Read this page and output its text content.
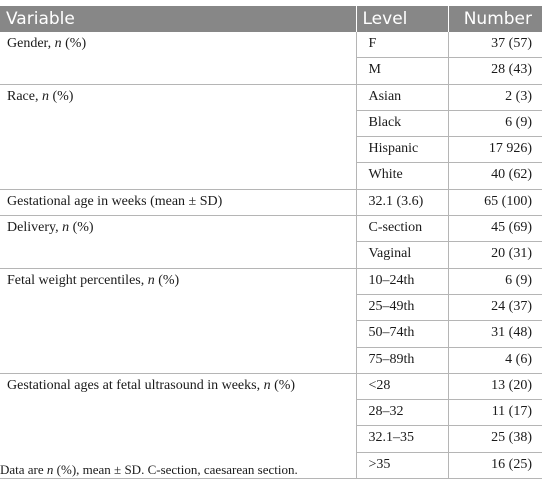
Variable	Level	Number
Gender, n (%)	F	37 (57)
	M	28 (43)
Race, n (%)	Asian	2 (3)
	Black	6 (9)
	Hispanic	17 926)
	White	40 (62)
Gestational age in weeks (mean ± SD)	32.1 (3.6)	65 (100)
Delivery, n (%)	C-section	45 (69)
	Vaginal	20 (31)
Fetal weight percentiles, n (%)	10–24th	6 (9)
	25–49th	24 (37)
	50–74th	31 (48)
	75–89th	4 (6)
Gestational ages at fetal ultrasound in weeks, n (%)	<28	13 (20)
	28–32	11 (17)
	32.1–35	25 (38)
	>35	16 (25)
Data are n (%), mean ± SD. C-section, caesarean section.
